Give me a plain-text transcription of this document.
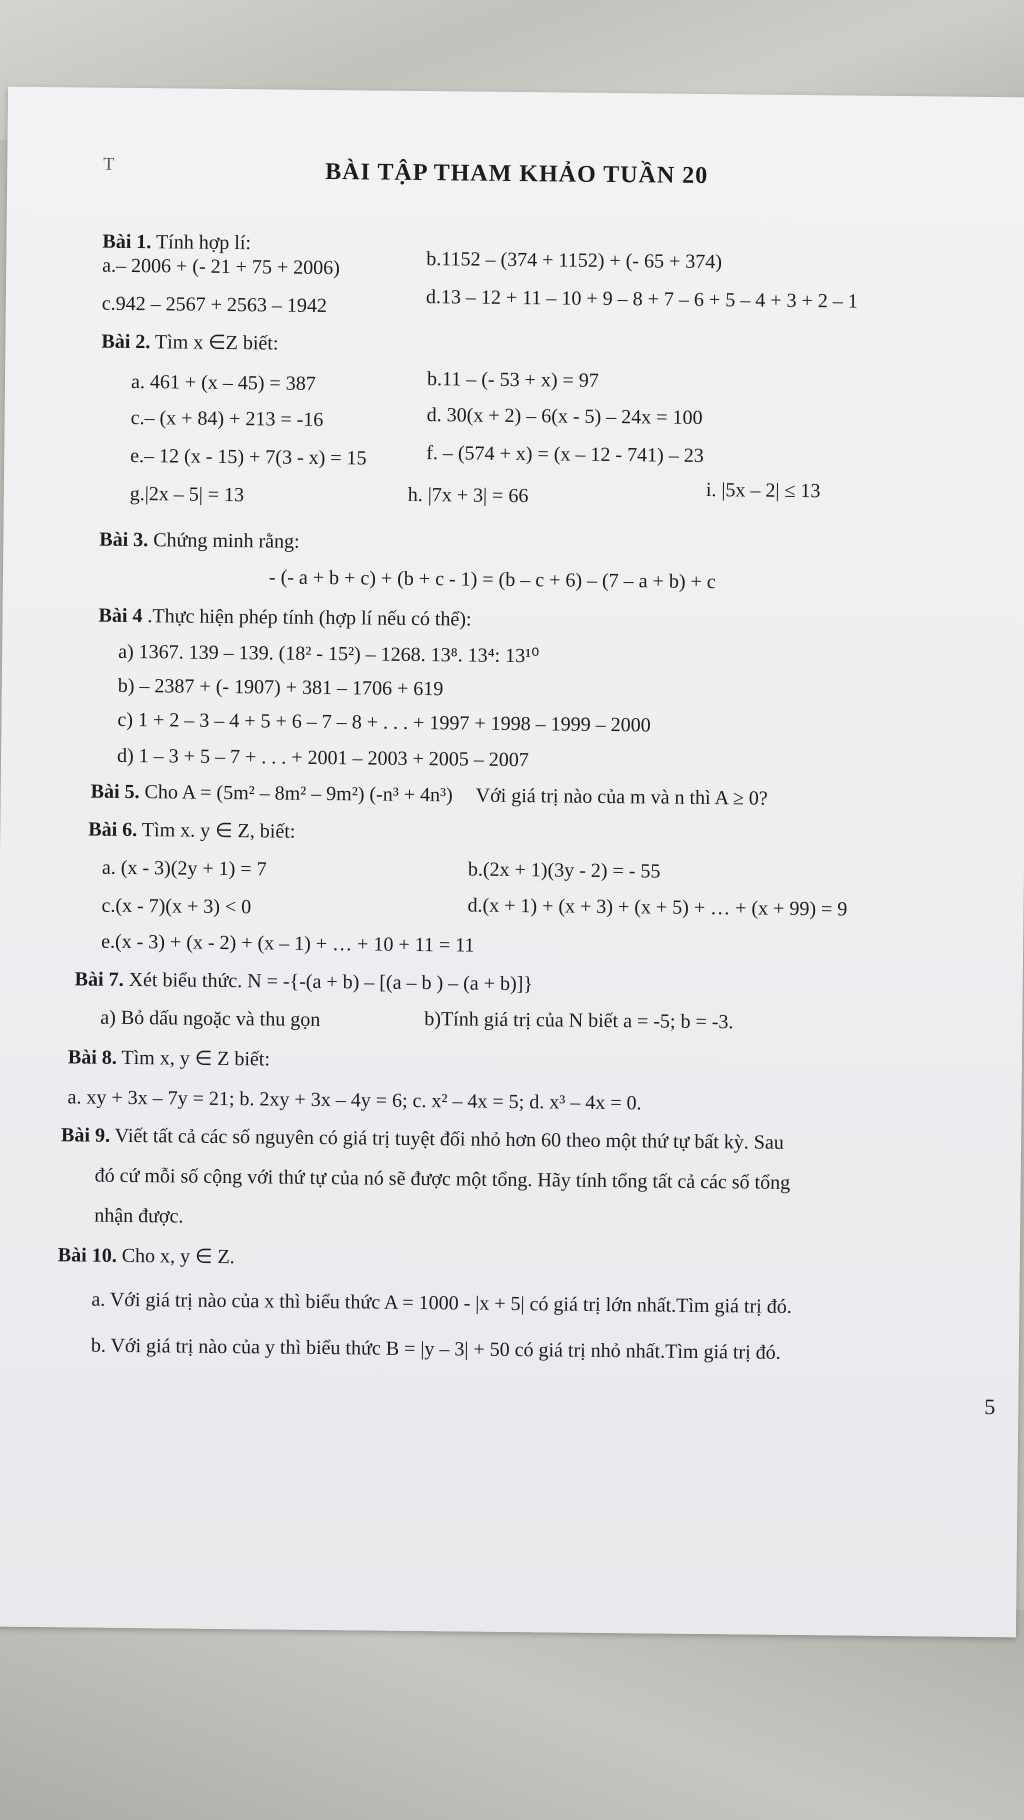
T	BÀI TẬP THAM KHẢO TUẦN 20
Bài 1. Tính hợp lí:
a.– 2006 + (- 21 + 75 + 2006)	b.1152 – (374 + 1152) + (- 65 + 374)
c.942 – 2567 + 2563 – 1942	d.13 – 12 + 11 – 10 + 9 – 8 + 7 – 6 + 5 – 4 + 3 + 2 – 1
Bài 2. Tìm x ∈Z biết:
a. 461 + (x – 45) = 387	b.11 – (- 53 + x) = 97
c.– (x + 84) + 213 = -16	d. 30(x + 2) – 6(x - 5) – 24x = 100
e.– 12 (x - 15) + 7(3 - x) = 15	f. – (574 + x) = (x – 12 - 741) – 23
g.|2x – 5| = 13	h. |7x + 3| = 66	i. |5x – 2| ≤ 13
Bài 3. Chứng minh rằng:
- (- a + b + c) + (b + c - 1) = (b – c + 6) – (7 – a + b) + c
Bài 4 .Thực hiện phép tính (hợp lí nếu có thể):
a) 1367. 139 – 139. (18² - 15²) – 1268. 13⁸. 13⁴: 13¹⁰
b) – 2387 + (- 1907) + 381 – 1706 + 619
c) 1 + 2 – 3 – 4 + 5 + 6 – 7 – 8 + . . . + 1997 + 1998 – 1999 – 2000
d) 1 – 3 + 5 – 7 + . . . + 2001 – 2003 + 2005 – 2007
Bài 5. Cho A = (5m² – 8m² – 9m²) (-n³ + 4n³) Với giá trị nào của m và n thì A ≥ 0?
Bài 6. Tìm x. y ∈ Z, biết:
a. (x - 3)(2y + 1) = 7	b.(2x + 1)(3y - 2) = - 55
c.(x - 7)(x + 3) < 0	d.(x + 1) + (x + 3) + (x + 5) + … + (x + 99) = 9
e.(x - 3) + (x - 2) + (x – 1) + … + 10 + 11 = 11
Bài 7. Xét biểu thức. N = -{-(a + b) – [(a – b ) – (a + b)]}
a) Bỏ dấu ngoặc và thu gọn	b)Tính giá trị của N biết a = -5; b = -3.
Bài 8. Tìm x, y ∈ Z biết:
a. xy + 3x – 7y = 21; b. 2xy + 3x – 4y = 6; c. x² – 4x = 5; d. x³ – 4x = 0.
Bài 9. Viết tất cả các số nguyên có giá trị tuyệt đối nhỏ hơn 60 theo một thứ tự bất kỳ. Sau
đó cứ mỗi số cộng với thứ tự của nó sẽ được một tổng. Hãy tính tổng tất cả các số tổng
nhận được.
Bài 10. Cho x, y ∈ Z.
a. Với giá trị nào của x thì biểu thức A = 1000 - |x + 5| có giá trị lớn nhất.Tìm giá trị đó.
b. Với giá trị nào của y thì biểu thức B = |y – 3| + 50 có giá trị nhỏ nhất.Tìm giá trị đó.
5
